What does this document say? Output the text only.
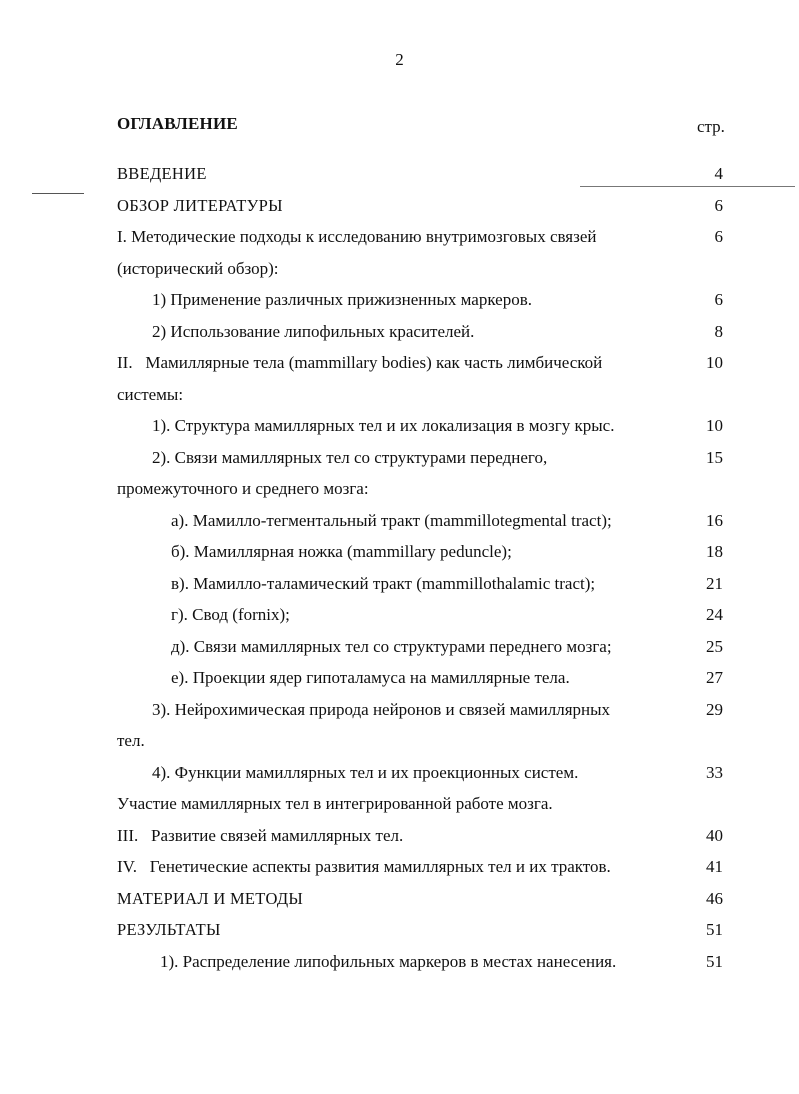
2
ОГЛАВЛЕНИЕ	стр.
ВВЕДЕНИЕ	4
ОБЗОР ЛИТЕРАТУРЫ	6
I. Методические подходы к исследованию внутримозговых связей	6
(исторический обзор):
1) Применение различных прижизненных маркеров.	6
2) Использование липофильных красителей.	8
II.   Мамиллярные тела (mammillary bodies) как часть лимбической	10
системы:
1). Структура мамиллярных тел и их локализация в мозгу крыс.	10
2). Связи мамиллярных тел со структурами переднего,	15
промежуточного и среднего мозга:
а). Мамилло-тегментальный тракт (mammillotegmental tract);	16
б). Мамиллярная ножка (mammillary peduncle);	18
в). Мамилло-таламический тракт (mammillothalamic tract);	21
г). Свод (fornix);	24
д). Связи мамиллярных тел со структурами переднего мозга;	25
е). Проекции ядер гипоталамуса на мамиллярные тела.	27
3). Нейрохимическая природа нейронов и связей мамиллярных	29
тел.
4). Функции мамиллярных тел и их проекционных систем.	33
Участие мамиллярных тел в интегрированной работе мозга.
III.   Развитие связей мамиллярных тел.	40
IV.   Генетические аспекты развития мамиллярных тел и их трактов.	41
МАТЕРИАЛ И МЕТОДЫ	46
РЕЗУЛЬТАТЫ	51
1). Распределение липофильных маркеров в местах нанесения.	51
